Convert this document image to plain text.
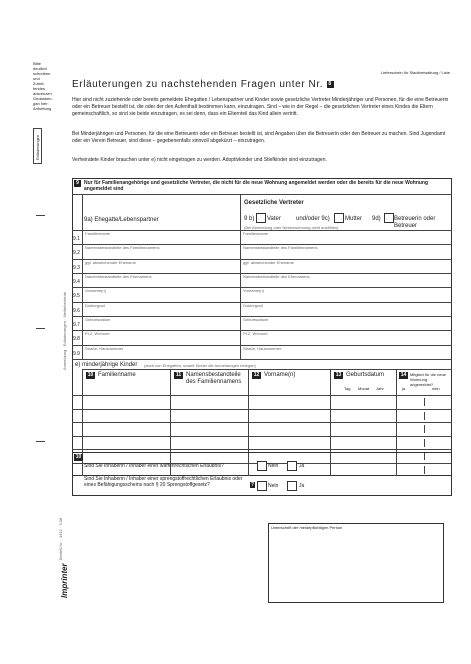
Bitte
deutlich
schreiben
und
Zutref-
fendes
ankreuzen
Gedanken-
gan hier:
Anheftung
Erläuterungen
Anmeldung · Erläuterungen · Meldebehörde
Bestell-Nr. · 4412 · 3.08
Imprinter
Lieferschein für Stadtverwaltung / Liste
Erläuterungen zu nachstehenden Fragen unter Nr. 8
Hier sind nicht zuziehende oder bereits gemeldete Ehegatten / Lebenspartner und Kinder sowie gesetzliche Vertreter Minderjähriger und Personen, für die eine Betreuerin oder ein Betreuer bestellt ist, die oder der den Aufenthalt bestimmen kann, einzutragen. Sind – wie in der Regel – die gesetzlichen Vertreter eines Kindes die Eltern gemeinschaftlich, so sind sie beide einzutragen, es sei denn, dass ein Elternteil das Kind allein vertritt.
Bei Minderjährigen und Personen, für die eine Betreuerin oder ein Betreuer bestellt ist, sind Angaben über die Betreuerin oder den Betreuer zu machen. Sind Jugendamt oder ein Verein Betreuer, sind diese – gegebenenfalls sinnvoll abgekürzt – einzutragen.
Verheiratete Kinder brauchen unter e) nicht eingetragen zu werden. Adoptivkinder und Stiefkinder sind einzutragen.
9	Nur für Familienangehörige und gesetzliche Vertreter, die nicht für die neue Wohnung angemeldet werden oder die bereits für die neue Wohnung angemeldet sind
9a) Ehegatte/Lebenspartner
Gesetzliche Vertreter
9 b) Vater	und/oder 9c)	Mutter 9d) Betreuerin oder Betreuer
(Bei Abmeldung oder Nebenwohnung nicht ausfüllen)
9.1
Familienname	Familienname
9.2
Namensbestandteile des Familiennamens	Namensbestandteile des Familiennamens
9.3
ggf. abweichender Ehename	ggf. abweichender Ehename
9.4
Namensbestandteile des Ehenamens	Namensbestandteile des Ehenamens
9.5
Vorname(n)	Vorname(n)
9.6
Doktorgrad	Doktorgrad
9.7
Geburtsdatum	Geburtsdatum
9.8
PLZ, Wohnort	PLZ, Wohnort
9.9
Straße, Hausnummer	Straße, Hausnummer
e) minderjährige Kinder (auch von Ehegatten, soweit Kinder die Anmeldungen belegen)
10 Familienname	11 Namensbestandteile des Familiennamens
12 Vorname(n)	13 Geburtsdatum
Tag Monat Jahr
14 Mitglied für die neue Wohnung angemeldet?
ja	nein
10
Sind Sie Inhaberin / Inhaber einer waffenrechtlichen Erlaubnis?	Nein	Ja
Sind Sie Inhaberin / Inhaber einer sprengstoffrechtlichen Erlaubnis oder eines Befähigungsscheins nach § 20 Sprengstoffgesetz?	?	Nein	Ja
Unterschrift der meldepflichtigen Person
